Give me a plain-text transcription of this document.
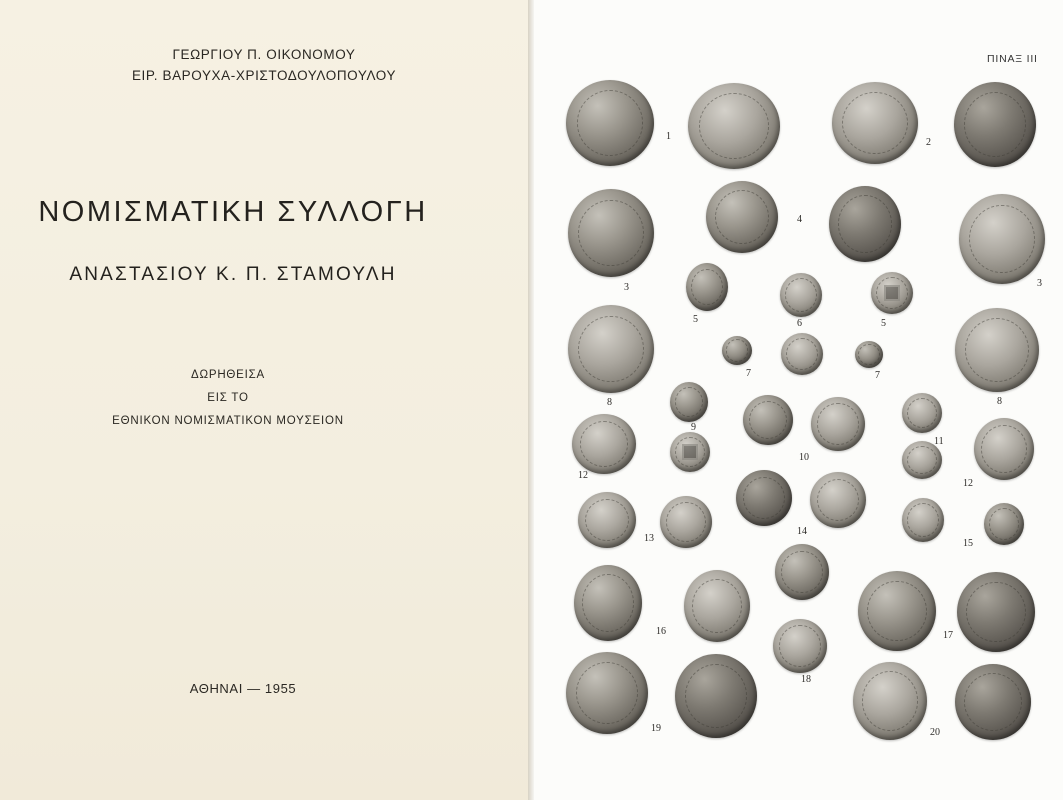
ΓΕΩΡΓΙΟΥ Π. ΟΙΚΟΝΟΜΟΥ
ΕΙΡ. ΒΑΡΟΥΧΑ-ΧΡΙΣΤΟΔΟΥΛΟΠΟΥΛΟΥ
ΝΟΜΙΣΜΑΤΙΚΗ ΣΥΛΛΟΓΗ
ΑΝΑΣΤΑΣΙΟΥ Κ. Π. ΣΤΑΜΟΥΛΗ
ΔΩΡΗΘΕΙΣΑ
ΕΙΣ ΤΟ
ΕΘΝΙΚΟΝ ΝΟΜΙΣΜΑΤΙΚΟΝ ΜΟΥΣΕΙΟΝ
ΑΘΗΝΑΙ — 1955
ΠΙΝΑΞ III
1
2
3	3
4
5	5
6
7	7
8	8
9
10
11
12
12
13
14
15
16	17
18
19	20
